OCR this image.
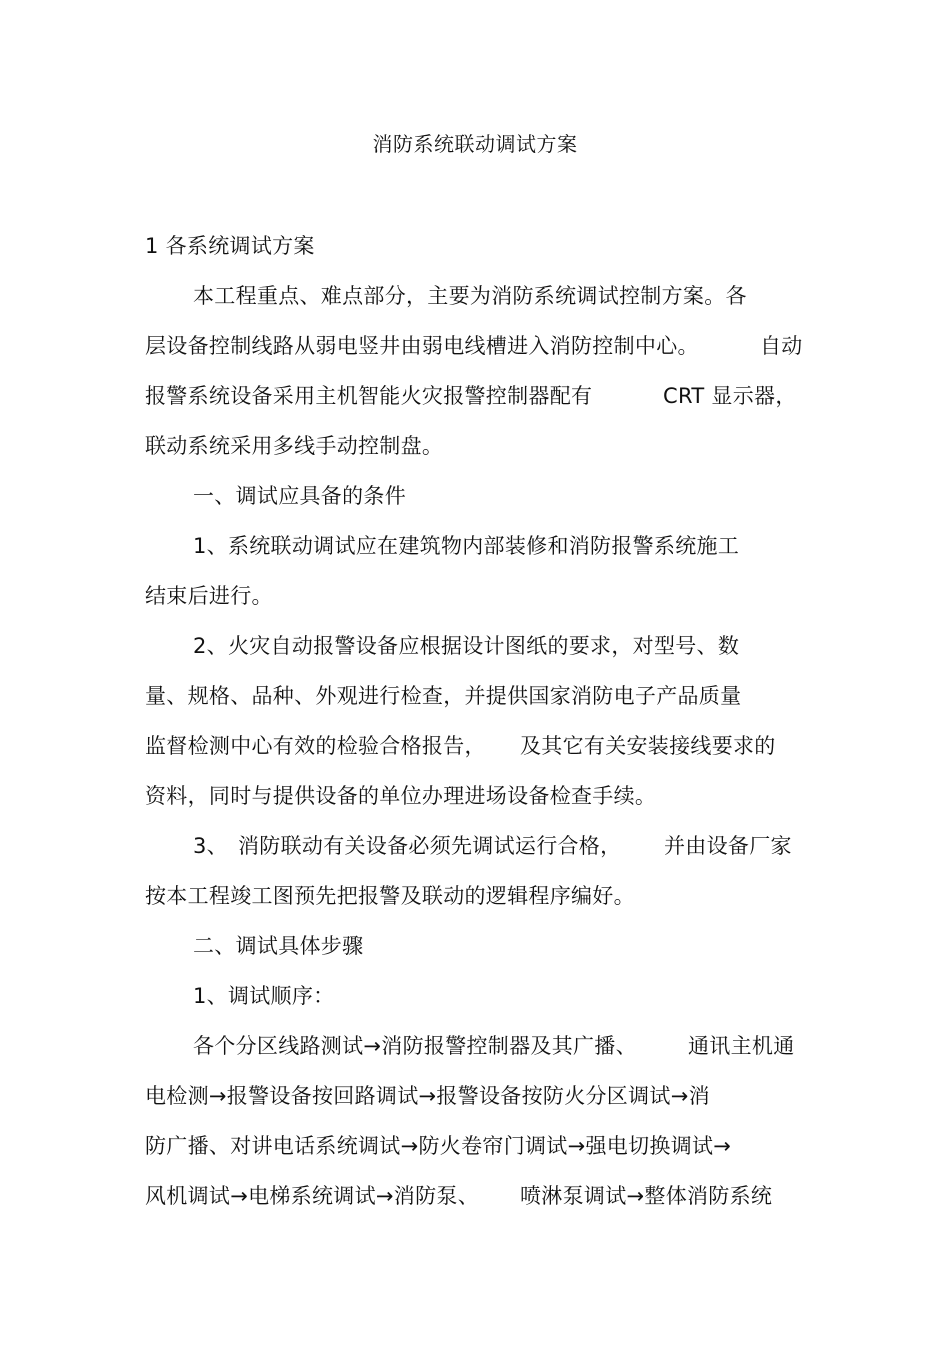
消防系统联动调试方案
1 各系统调试方案
本工程重点、难点部分，主要为消防系统调试控制方案。各
层设备控制线路从弱电竖井由弱电线槽进入消防控制中心。	自动
报警系统设备采用主机智能火灾报警控制器配有	CRT 显示器，
联动系统采用多线手动控制盘。
一、调试应具备的条件
1、系统联动调试应在建筑物内部装修和消防报警系统施工
结束后进行。
2、火灾自动报警设备应根据设计图纸的要求，对型号、数
量、规格、品种、外观进行检查，并提供国家消防电子产品质量
监督检测中心有效的检验合格报告， 及其它有关安装接线要求的
资料，同时与提供设备的单位办理进场设备检查手续。
3、 消防联动有关设备必须先调试运行合格， 并由设备厂家
按本工程竣工图预先把报警及联动的逻辑程序编好。
二、调试具体步骤
1、调试顺序：
各个分区线路测试→消防报警控制器及其广播、 通讯主机通
电检测→报警设备按回路调试→报警设备按防火分区调试→消
防广播、对讲电话系统调试→防火卷帘门调试→强电切换调试→
风机调试→电梯系统调试→消防泵、 喷淋泵调试→整体消防系统
